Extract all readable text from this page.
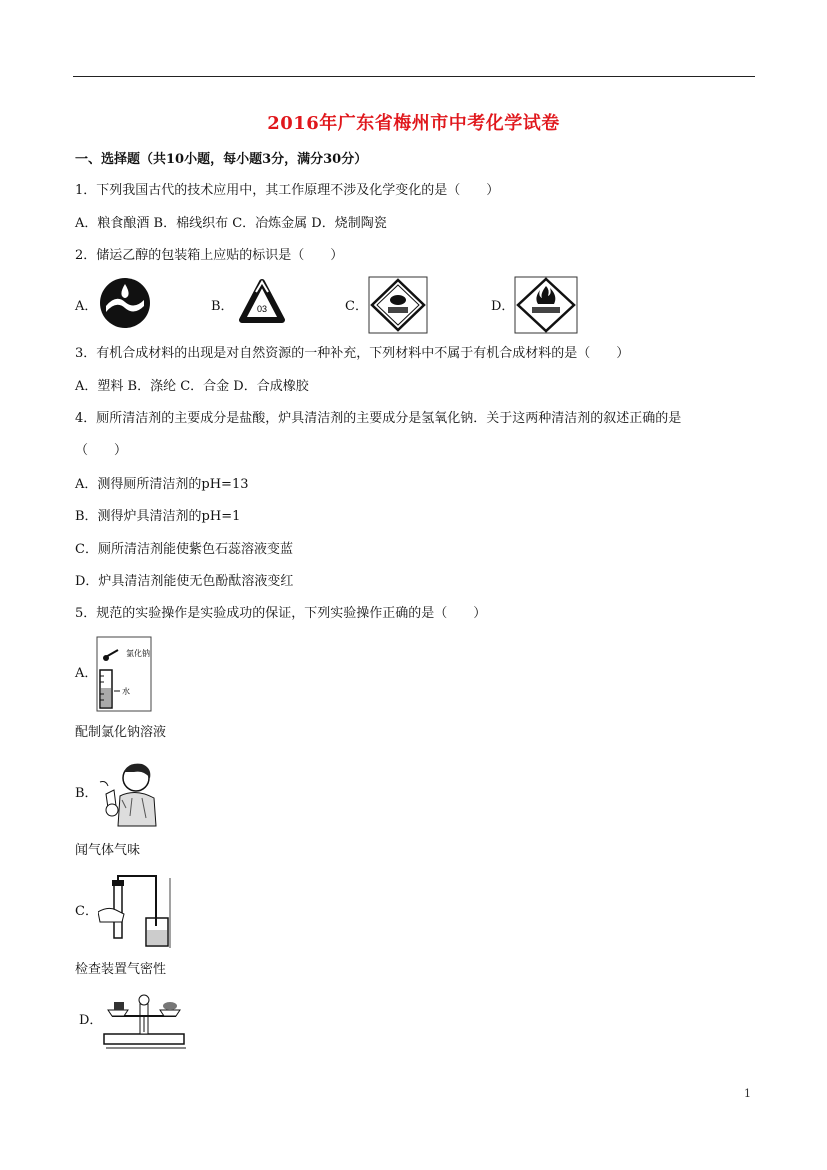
2016年广东省梅州市中考化学试卷
一、选择题（共10小题，每小题3分，满分30分）
1．下列我国古代的技术应用中，其工作原理不涉及化学变化的是（　　）
A．粮食酿酒 B．棉线织布 C．冶炼金属 D．烧制陶瓷
2．储运乙醇的包装箱上应贴的标识是（　　）
A．	B．	03	C．	D．
3．有机合成材料的出现是对自然资源的一种补充，下列材料中不属于有机合成材料的是（　　）
A．塑料 B．涤纶 C．合金 D．合成橡胶
4．厕所清洁剂的主要成分是盐酸，炉具清洁剂的主要成分是氢氧化钠．关于这两种清洁剂的叙述正确的是
（　　）
A．测得厕所清洁剂的pH=13
B．测得炉具清洁剂的pH=1
C．厕所清洁剂能使紫色石蕊溶液变蓝
D．炉具清洁剂能使无色酚酞溶液变红
5．规范的实验操作是实验成功的保证，下列实验操作正确的是（　　）
A．
氯化钠
水
配制氯化钠溶液
B．
闻气体气味
C．
检查装置气密性
D．
1
